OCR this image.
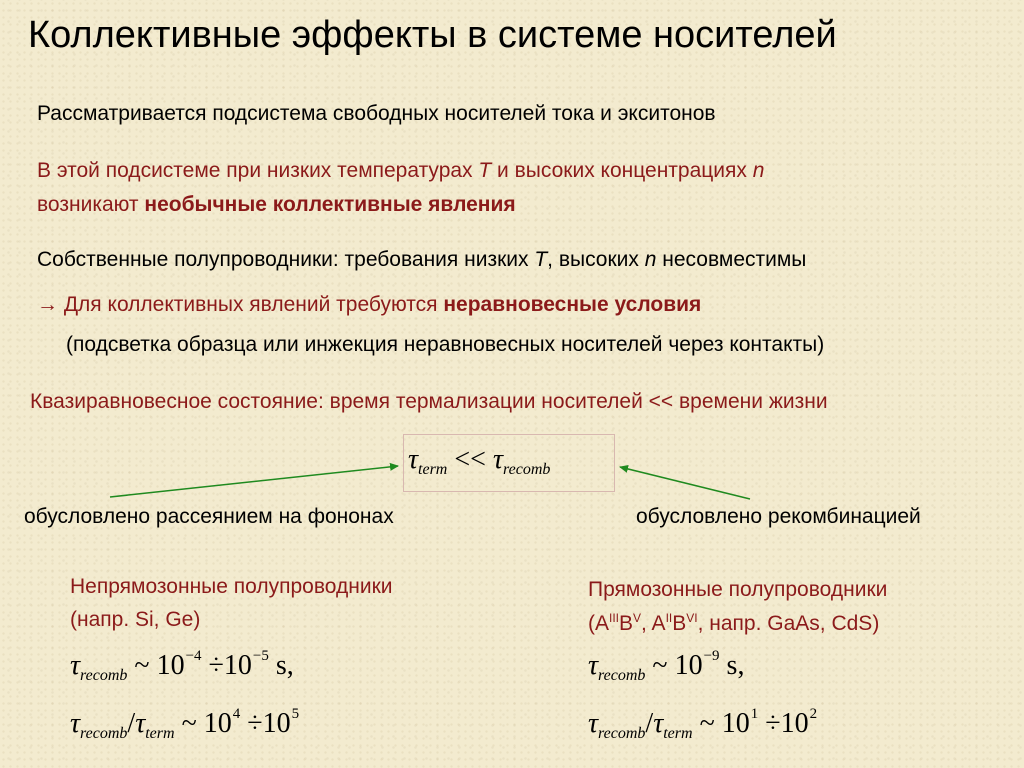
Коллективные эффекты в системе носителей
Рассматривается подсистема свободных носителей тока и экситонов
В этой подсистеме при низких температурах T и высоких концентрациях n
возникают необычные коллективные явления
Собственные полупроводники: требования низких T, высоких n несовместимы
→ Для коллективных явлений требуются неравновесные условия
(подсветка образца или инжекция неравновесных носителей через контакты)
Квазиравновесное состояние: время термализации носителей << времени жизни
$\tau_{term} << \tau_{recomb}$
обусловлено рассеянием на фононах	обусловлено рекомбинацией
Непрямозонные полупроводники
(напр. Si, Ge)
$\tau_{recomb}$ ~ $10^{-4} \div 10^{-5}$ s,
$\tau_{recomb}/\tau_{term}$ ~ $10^4 \div 10^5$
Прямозонные полупроводники
($A^{III}B^V$, $A^{II}B^{VI}$, напр. GaAs, CdS)
$\tau_{recomb}$ ~ $10^{-9}$ s,
$\tau_{recomb}/\tau_{term}$ ~ $10^1 \div 10^2$
